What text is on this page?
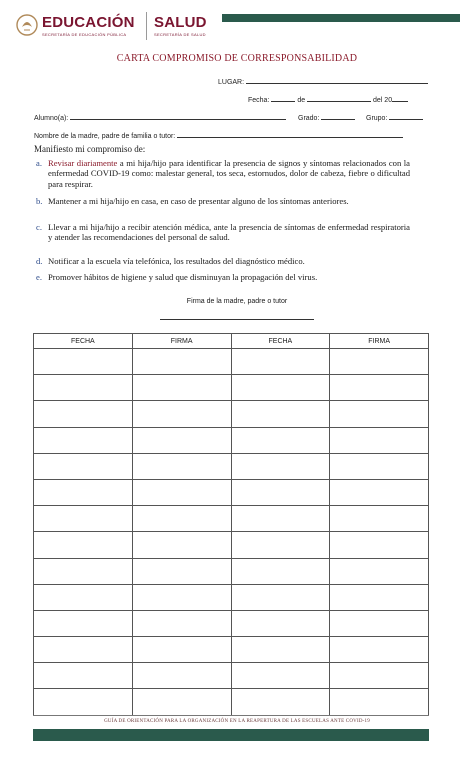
EDUCACIÓN
SECRETARÍA DE EDUCACIÓN PÚBLICA
SALUD
SECRETARÍA DE SALUD
CARTA COMPROMISO DE CORRESPONSABILIDAD
LUGAR:
Fecha:	de	del 20
Alumno(a):	Grado:	Grupo:
Nombre de la madre, padre de familia o tutor:
Manifiesto mi compromiso de:
a. Revisar diariamente a mi hija/hijo para identificar la presencia de signos y síntomas relacionados con la enfermedad COVID-19 como: malestar general, tos seca, estornudos, dolor de cabeza, fiebre o dificultad para respirar.
b. Mantener a mi hija/hijo en casa, en caso de presentar alguno de los síntomas anteriores.
c. Llevar a mi hija/hijo a recibir atención médica, ante la presencia de síntomas de enfermedad respiratoria y atender las recomendaciones del personal de salud.
d. Notificar a la escuela vía telefónica, los resultados del diagnóstico médico.
e. Promover hábitos de higiene y salud que disminuyan la propagación del virus.
Firma de la madre, padre o tutor
FECHA	FIRMA	FECHA	FIRMA

GUÍA DE ORIENTACIÓN PARA LA ORGANIZACIÓN EN LA REAPERTURA DE LAS ESCUELAS ANTE COVID-19
